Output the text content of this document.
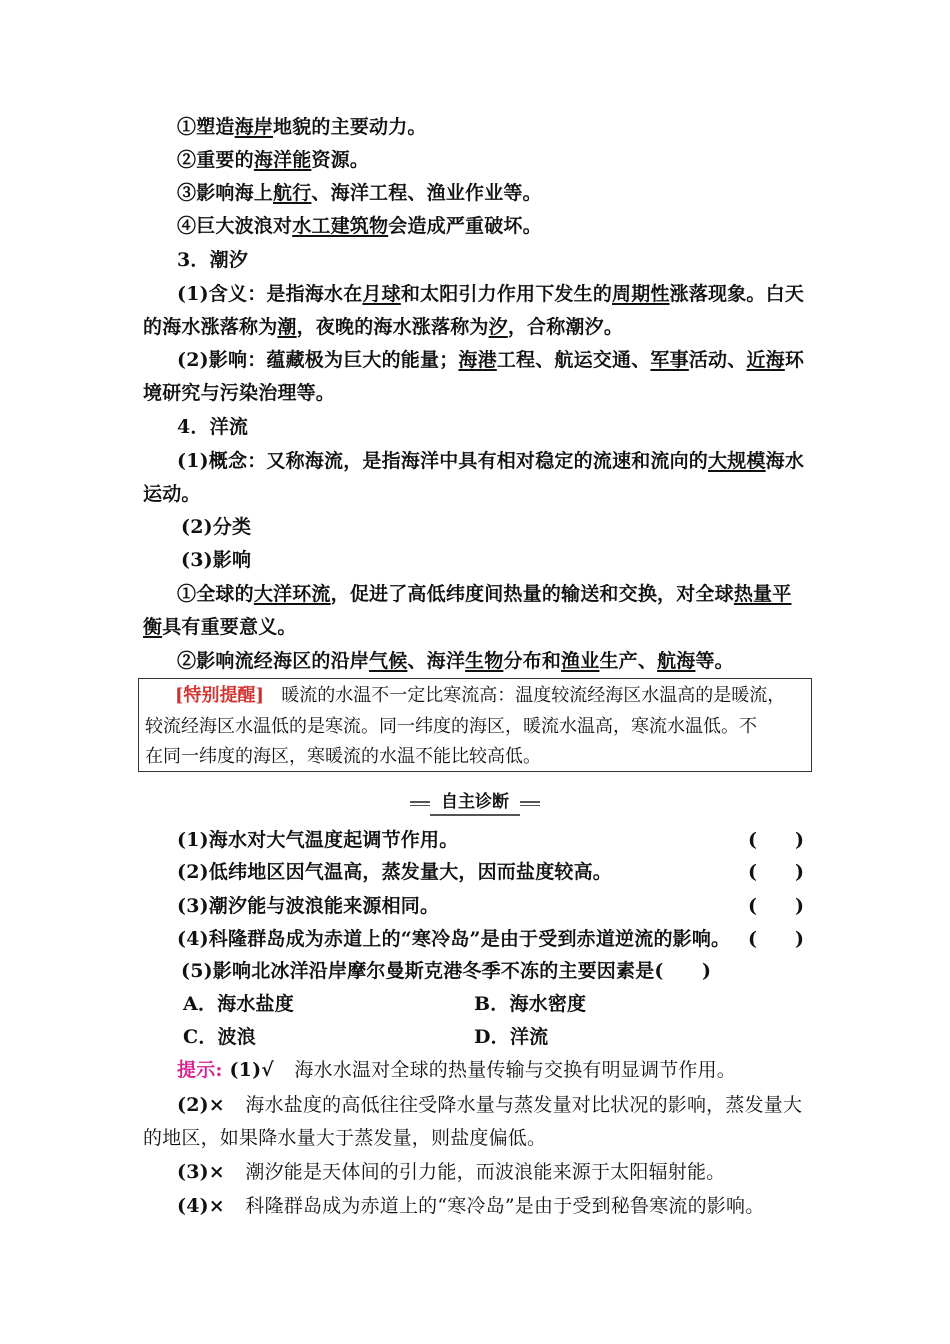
①塑造海岸地貌的主要动力。
②重要的海洋能资源。
③影响海上航行、海洋工程、渔业作业等。
④巨大波浪对水工建筑物会造成严重破坏。
3．潮汐
(1)含义：是指海水在月球和太阳引力作用下发生的周期性涨落现象。白天
的海水涨落称为潮，夜晚的海水涨落称为汐，合称潮汐。
(2)影响：蕴藏极为巨大的能量；海港工程、航运交通、军事活动、近海环
境研究与污染治理等。
4．洋流
(1)概念：又称海流，是指海洋中具有相对稳定的流速和流向的大规模海水
运动。
(2)分类
(3)影响
①全球的大洋环流，促进了高低纬度间热量的输送和交换，对全球热量平
衡具有重要意义。
②影响流经海区的沿岸气候、海洋生物分布和渔业生产、航海等。
[特别提醒] 暖流的水温不一定比寒流高：温度较流经海区水温高的是暖流，
较流经海区水温低的是寒流。同一纬度的海区，暖流水温高，寒流水温低。不
在同一纬度的海区，寒暖流的水温不能比较高低。
自主诊断
(1)海水对大气温度起调节作用。	(　　)
(2)低纬地区因气温高，蒸发量大，因而盐度较高。	(　　)
(3)潮汐能与波浪能来源相同。	(　　)
(4)科隆群岛成为赤道上的“寒冷岛”是由于受到赤道逆流的影响。 (　　)
(5)影响北冰洋沿岸摩尔曼斯克港冬季不冻的主要因素是(　　)
A．海水盐度	B．海水密度
C．波浪	D．洋流
提示: (1)√ 海水水温对全球的热量传输与交换有明显调节作用。
(2)× 海水盐度的高低往往受降水量与蒸发量对比状况的影响，蒸发量大
的地区，如果降水量大于蒸发量，则盐度偏低。
(3)× 潮汐能是天体间的引力能，而波浪能来源于太阳辐射能。
(4)× 科隆群岛成为赤道上的“寒冷岛”是由于受到秘鲁寒流的影响。
